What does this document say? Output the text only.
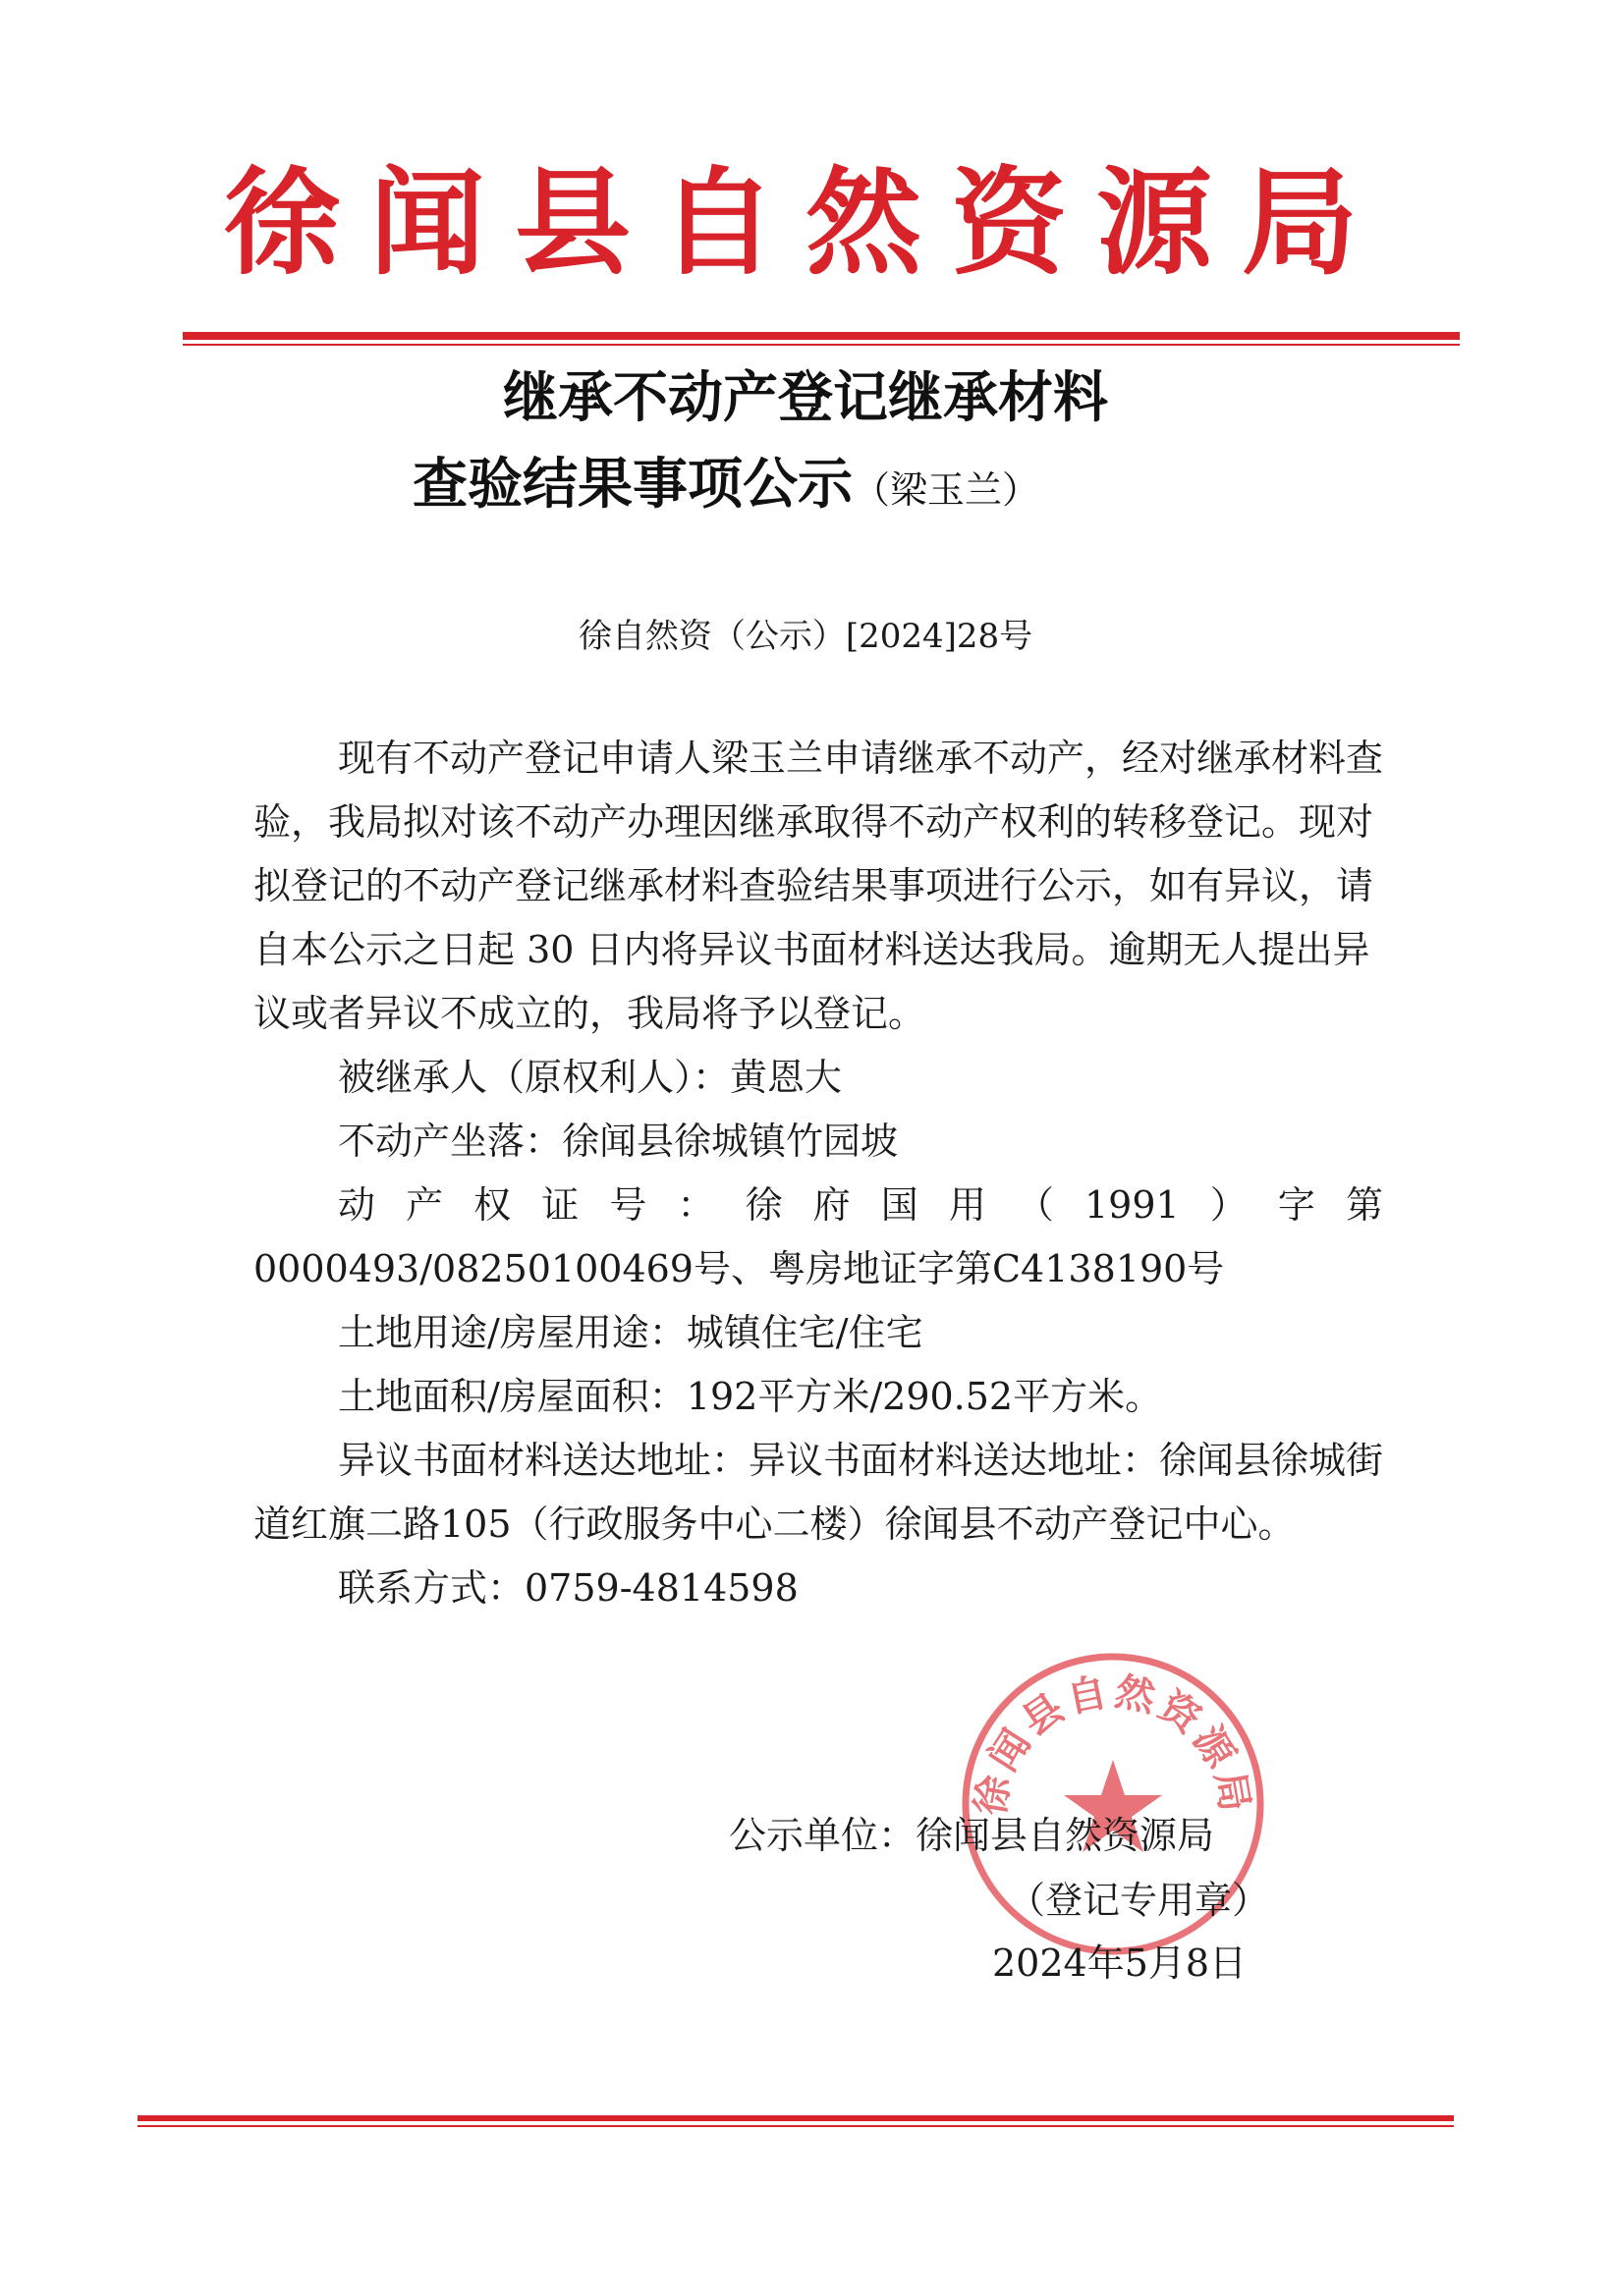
徐闻县自然资源局
继承不动产登记继承材料
查验结果事项公示（梁玉兰）
徐自然资（公示）[2024]28号

现有不动产登记申请人梁玉兰申请继承不动产，经对继承材料查验，我局拟对该不动产办理因继承取得不动产权利的转移登记。现对拟登记的不动产登记继承材料查验结果事项进行公示，如有异议，请自本公示之日起 30 日内将异议书面材料送达我局。逾期无人提出异议或者异议不成立的，我局将予以登记。

被继承人（原权利人）：黄恩大

不动产坐落：徐闻县徐城镇竹园坡

动产权证号：徐府国用（1991）字第

0000493/08250100469号、粤房地证字第C4138190号

土地用途/房屋用途：城镇住宅/住宅

土地面积/房屋面积：192平方米/290.52平方米。

异议书面材料送达地址：异议书面材料送达地址：徐闻县徐城街道红旗二路105（行政服务中心二楼）徐闻县不动产登记中心。

联系方式：0759-4814598

徐闻县自然资源局
公示单位：徐闻县自然资源局
（登记专用章）
2024年5月8日
